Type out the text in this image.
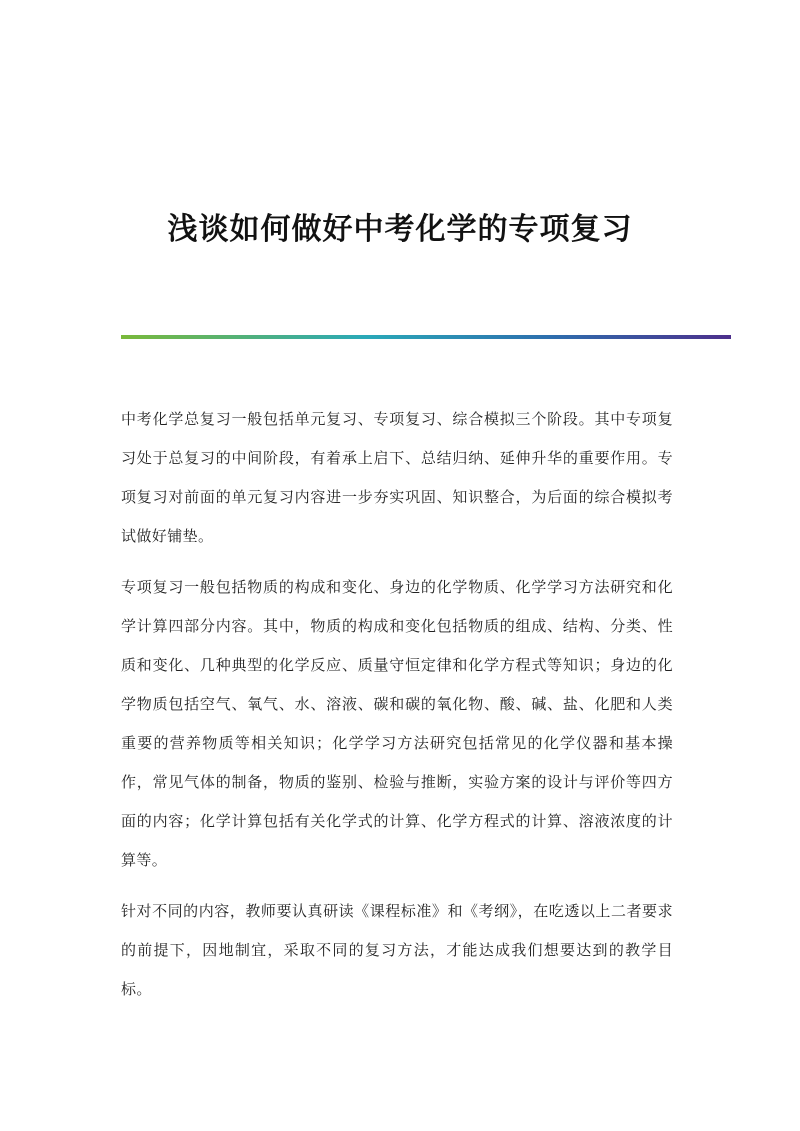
浅谈如何做好中考化学的专项复习

中考化学总复习一般包括单元复习、专项复习、综合模拟三个阶段。其中专项复习处于总复习的中间阶段，有着承上启下、总结归纳、延伸升华的重要作用。专项复习对前面的单元复习内容进一步夯实巩固、知识整合，为后面的综合模拟考试做好铺垫。

专项复习一般包括物质的构成和变化、身边的化学物质、化学学习方法研究和化学计算四部分内容。其中，物质的构成和变化包括物质的组成、结构、分类、性质和变化、几种典型的化学反应、质量守恒定律和化学方程式等知识；身边的化学物质包括空气、氧气、水、溶液、碳和碳的氧化物、酸、碱、盐、化肥和人类重要的营养物质等相关知识；化学学习方法研究包括常见的化学仪器和基本操作，常见气体的制备，物质的鉴别、检验与推断，实验方案的设计与评价等四方面的内容；化学计算包括有关化学式的计算、化学方程式的计算、溶液浓度的计算等。

针对不同的内容，教师要认真研读《课程标准》和《考纲》，在吃透以上二者要求的前提下，因地制宜，采取不同的复习方法，才能达成我们想要达到的教学目标。
